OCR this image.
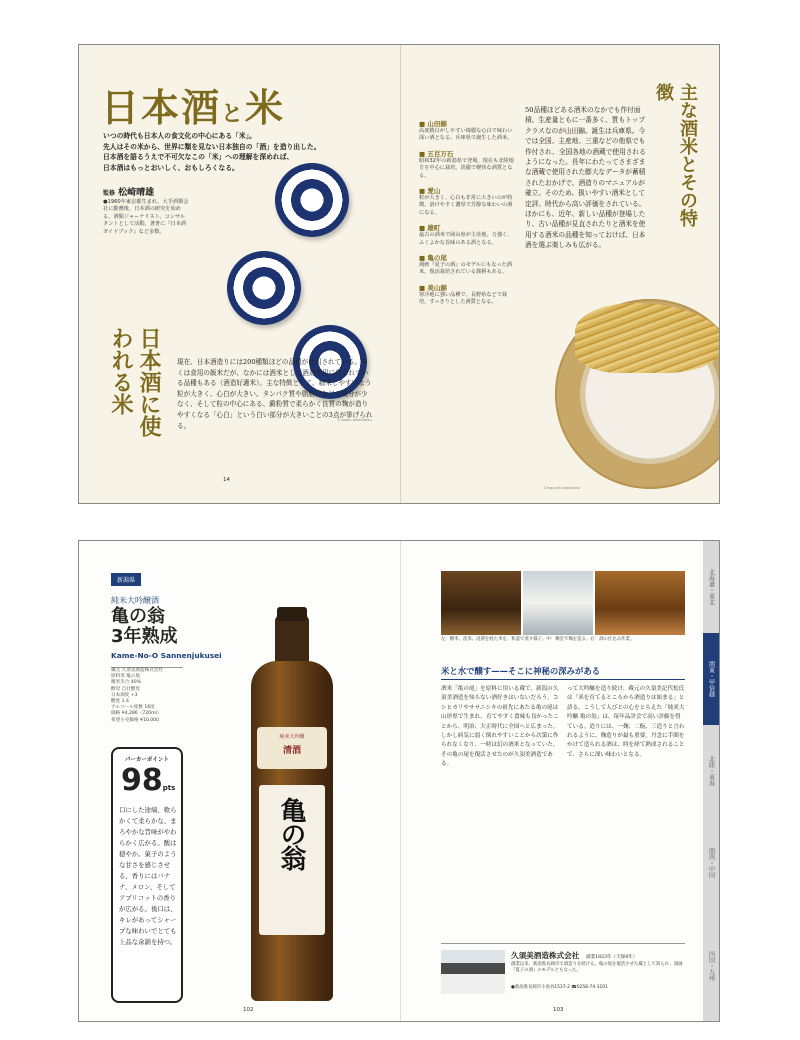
日本酒と米
いつの時代も日本人の食文化の中心にある「米」。
先人はその米から、世界に類を見ない日本独自の「酒」を造り出した。
日本酒を語るうえで不可欠なこの「米」への理解を深めれば、
日本酒はもっとおいしく、おもしろくなる。
監修 松崎晴雄
●1960年東京都生まれ。大手酒類会社に勤務後、日本酒の研究を始める。酒類ジャーナリスト、コンサルタントとして活動。著書に『日本酒ガイドブック』など多数。
日本酒に使われる米	現在、日本酒造りには200種類ほどの品種が使用されている。多くは食用の飯米だが、なかには酒米として酒造専用に作られている品種もある（酒造好適米）。主な特徴として、精米しやすいよう粒が大きく、心白が大きい。タンパク質や脂肪分などの成分が少なく、そして粒の中心にある、澱粉質で柔らかく良質の麹が造りやすくなる「心白」という白い部分が大きいことの3点が挙げられる。
©naoko takamatsu
14
■ 山田錦
高度精白がしやすい綺麗な心白で味わい深い酒となる。兵庫県で誕生した酒米。
■ 五百万石
昭和32年の新潟県で登場。現在も北陸地方を中心に栽培。淡麗で軽快な酒質となる。
■ 愛山
粒が大きく、心白も非常に大きいのが特徴。溶けやすく濃厚で芳醇な味わいの酒になる。
■ 雄町
最古の酒米で岡山県が主産地。力強く、ふくよかな旨味のある酒となる。
■ 亀の尾
漫画『夏子の酒』のモデルにもなった酒米。復活栽培されている銘柄もある。
■ 美山錦
寒冷地に強い品種で、長野県などで栽培。すっきりとした酒質となる。
50品種ほどある酒米のなかでも作付面積、生産量ともに一番多く、質もトップクラスなのが山田錦。誕生は兵庫県。今では全国、主産地、三重などの他県でも作付され、全国各地の酒蔵で使用されるようになった。長年にわたってさまざまな酒蔵で使用された膨大なデータが蓄積されたおかげで、酒造りのマニュアルが確立。そのため、扱いやすい酒米として定評。時代から高い評価をされている。ほかにも、近年、新しい品種が登場したり、古い品種が見直されたりと酒米を使用する酒米の品種を知っておけば、日本酒を選ぶ楽しみも広がる。
主な酒米とその特徴
©mayumi sakamoto
新潟県
純米大吟醸酒
亀の翁
3年熟成
Kame-No-O Sannenjukusei
蔵元 久須美酒造株式会社
原料米 亀の尾
精米歩合 40%
酵母 自社酵母
日本酒度 +3
酸度 1.4
アルコール度数 16度
価格 ¥4,286（720ml）
希望小売価格 ¥10,000
パーカーポイント
98pts
口にした途端、軟らかくて柔らかな、まろやかな旨味がやわらかく広がる。酸は穏やか。菓子のような甘さを感じさせる、香りにはバナナ、メロン、そしてアプリコットの香りが広がる。後口は、キレがあってシャープな味わいでとても上品な余韻を持つ。
純米大吟醸
清酒
亀の翁
102
左：精米、洗米、浸漬を経た米を、和釜で蒸す様子。中：麹室で麹を造る。右：酒の仕込み作業。
米と水で醸す——そこに神秘の深みがある
酒米「亀の尾」を原料に用いる蔵で、新潟の久須美酒造を知らない酒好きはいないだろう。コシヒカリやササニシキの祖先にあたる亀の尾は山形県で生まれ、育てやすく食味も良かったことから、明治、大正時代に全国へと広まった。しかし病気に弱く倒れやすいことから次第に作られなくなり、一時は幻の酒米となっていた。その亀の尾を復活させたのが久須美酒造である。
って大吟醸を造り続け、蔵元の久須美記代松氏は「米を育てるところから酒造りは始まる」と語る。こうして人びとの心をとらえた「純米大吟醸 亀の翁」は、毎年品評会で高い評価を得ている。造りには、一麹、二酛、三造りと言われるように、麹造りが最も重要。丹念に手間をかけて造られる酒は、時を経て熟成されることで、さらに深い味わいとなる。
久須美酒造株式会社 創業1833年（天保4年）
創業以来、新潟県長岡市で酒造りを続ける。亀の尾を復活させた蔵として知られ、漫画『夏子の酒』のモデルともなった。
●新潟県長岡市小島谷1537-2 ☎0258-74-3101
103
北海道・東北
関東・甲信越
北陸・東海
関西・中国
四国・九州
